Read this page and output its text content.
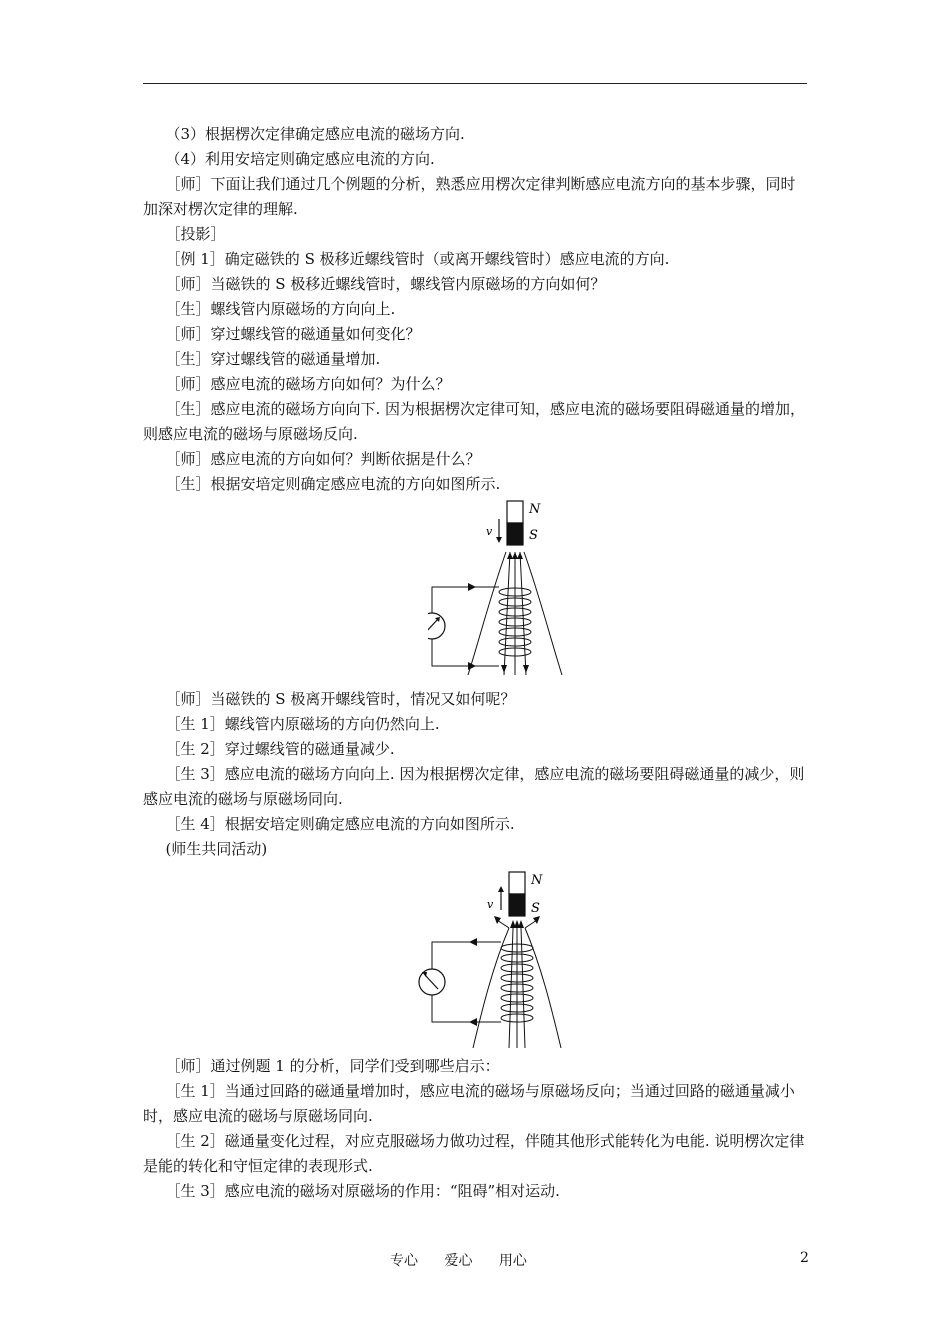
（3）根据楞次定律确定感应电流的磁场方向.

（4）利用安培定则确定感应电流的方向.

［师］下面让我们通过几个例题的分析，熟悉应用楞次定律判断感应电流方向的基本步骤，同时加深对楞次定律的理解.

［投影］

［例 1］确定磁铁的 S 极移近螺线管时（或离开螺线管时）感应电流的方向.

［师］当磁铁的 S 极移近螺线管时，螺线管内原磁场的方向如何？

［生］螺线管内原磁场的方向向上.

［师］穿过螺线管的磁通量如何变化？

［生］穿过螺线管的磁通量增加.

［师］感应电流的磁场方向如何？为什么？

［生］感应电流的磁场方向向下. 因为根据楞次定律可知，感应电流的磁场要阻碍磁通量的增加，则感应电流的磁场与原磁场反向.

［师］感应电流的方向如何？判断依据是什么？

［生］根据安培定则确定感应电流的方向如图所示.

N
S
v

［师］当磁铁的 S 极离开螺线管时，情况又如何呢？

［生 1］螺线管内原磁场的方向仍然向上.

［生 2］穿过螺线管的磁通量减少.

［生 3］感应电流的磁场方向向上. 因为根据楞次定律，感应电流的磁场要阻碍磁通量的减少，则感应电流的磁场与原磁场同向.

［生 4］根据安培定则确定感应电流的方向如图所示.

(师生共同活动)

N
S
v

［师］通过例题 1 的分析，同学们受到哪些启示：

［生 1］当通过回路的磁通量增加时，感应电流的磁场与原磁场反向；当通过回路的磁通量减小时，感应电流的磁场与原磁场同向.

［生 2］磁通量变化过程，对应克服磁场力做功过程，伴随其他形式能转化为电能. 说明楞次定律是能的转化和守恒定律的表现形式.

［生 3］感应电流的磁场对原磁场的作用：“阻碍”相对运动.

专心 爱心 用心	2
